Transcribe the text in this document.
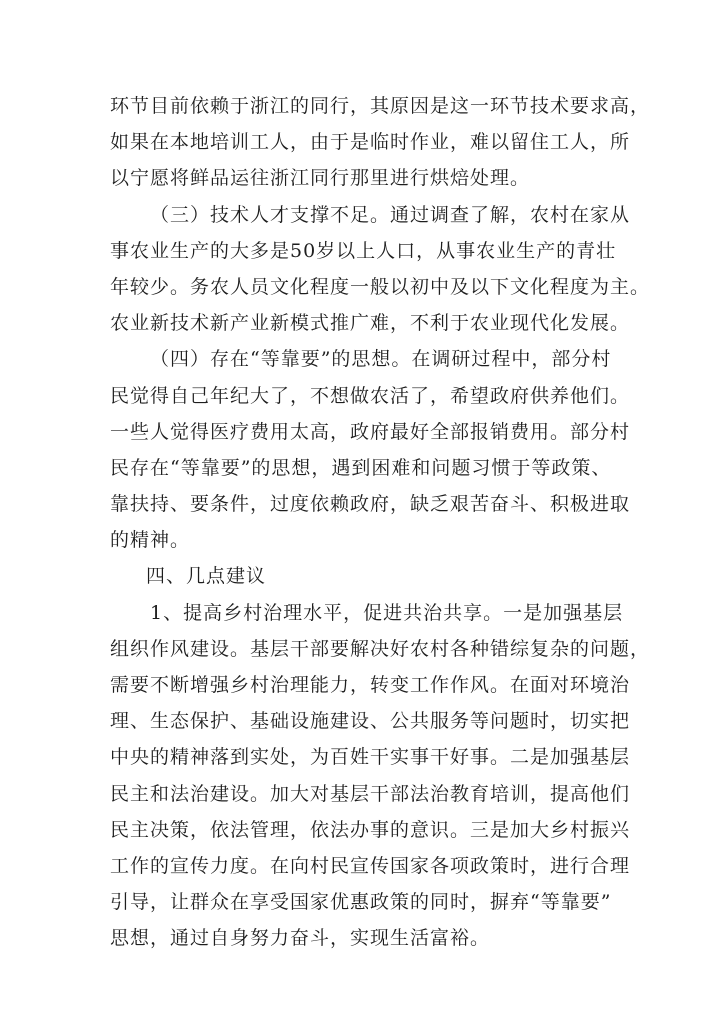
环节目前依赖于浙江的同行，其原因是这一环节技术要求高，
如果在本地培训工人，由于是临时作业，难以留住工人，所
以宁愿将鲜品运往浙江同行那里进行烘焙处理。
（三）技术人才支撑不足。通过调查了解，农村在家从
事农业生产的大多是50岁以上人口，从事农业生产的青壮
年较少。务农人员文化程度一般以初中及以下文化程度为主。
农业新技术新产业新模式推广难，不利于农业现代化发展。
（四）存在“等靠要”的思想。在调研过程中，部分村
民觉得自己年纪大了，不想做农活了，希望政府供养他们。
一些人觉得医疗费用太高，政府最好全部报销费用。部分村
民存在“等靠要”的思想，遇到困难和问题习惯于等政策、
靠扶持、要条件，过度依赖政府，缺乏艰苦奋斗、积极进取
的精神。
四、几点建议
1、提高乡村治理水平，促进共治共享。一是加强基层
组织作风建设。基层干部要解决好农村各种错综复杂的问题，
需要不断增强乡村治理能力，转变工作作风。在面对环境治
理、生态保护、基础设施建设、公共服务等问题时，切实把
中央的精神落到实处，为百姓干实事干好事。二是加强基层
民主和法治建设。加大对基层干部法治教育培训，提高他们
民主决策，依法管理，依法办事的意识。三是加大乡村振兴
工作的宣传力度。在向村民宣传国家各项政策时，进行合理
引导，让群众在享受国家优惠政策的同时，摒弃“等靠要”
思想，通过自身努力奋斗，实现生活富裕。
